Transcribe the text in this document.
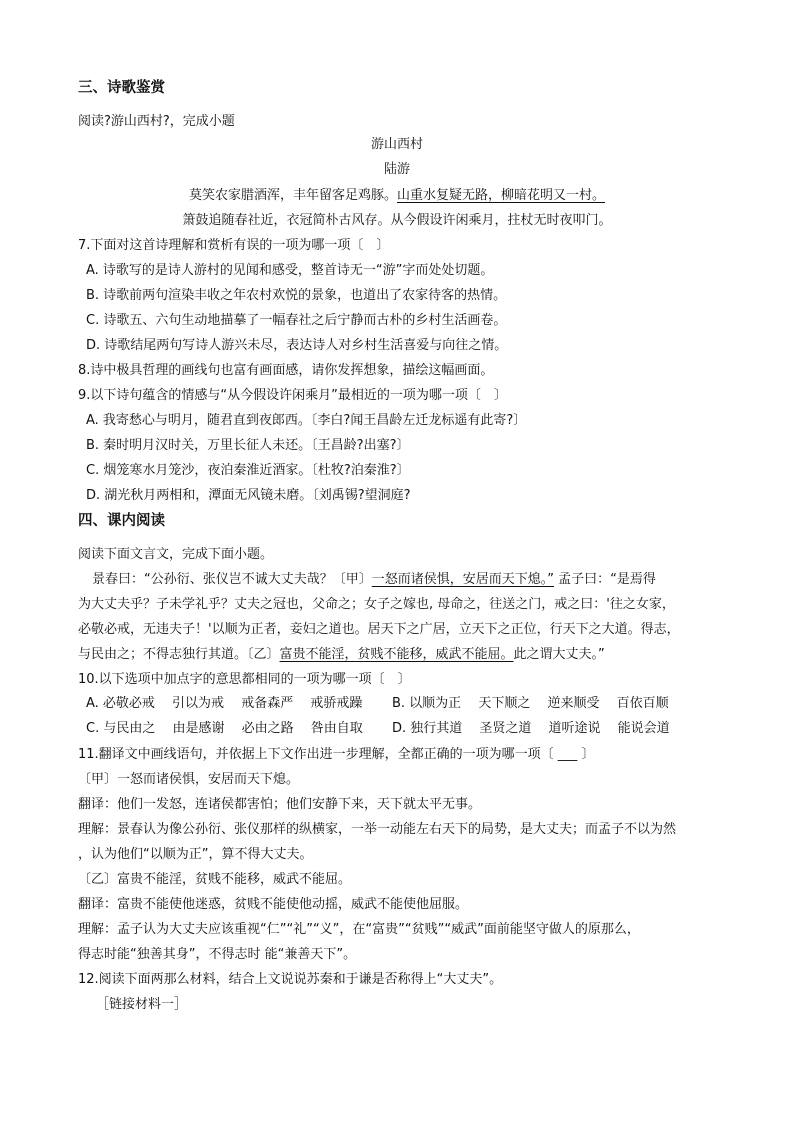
三、诗歌鉴赏
阅读?游山西村?，完成小题
游山西村
陆游
莫笑农家腊酒浑，丰年留客足鸡豚。山重水复疑无路，柳暗花明又一村。
箫鼓追随春社近，衣冠简朴古风存。从今假设许闲乘月，拄杖无时夜叩门。
7.下面对这首诗理解和赏析有误的一项为哪一项〔　〕
A. 诗歌写的是诗人游村的见闻和感受，整首诗无一“游”字而处处切题。
B. 诗歌前两句渲染丰收之年农村欢悦的景象，也道出了农家待客的热情。
C. 诗歌五、六句生动地描摹了一幅春社之后宁静而古朴的乡村生活画卷。
D. 诗歌结尾两句写诗人游兴未尽，表达诗人对乡村生活喜爱与向往之情。
8.诗中极具哲理的画线句也富有画面感，请你发挥想象，描绘这幅画面。
9.以下诗句蕴含的情感与“从今假设许闲乘月”最相近的一项为哪一项〔　〕
A. 我寄愁心与明月，随君直到夜郎西。〔李白?闻王昌龄左迁龙标遥有此寄?〕
B. 秦时明月汉时关，万里长征人未还。〔王昌龄?出塞?〕
C. 烟笼寒水月笼沙，夜泊秦淮近酒家。〔杜牧?泊秦淮?〕
D. 湖光秋月两相和，潭面无风镜未磨。〔刘禹锡?望洞庭?
四、课内阅读
阅读下面文言文，完成下面小题。
景春曰：“公孙衍、张仪岂不诚大丈夫哉？〔甲〕一怒而诸侯惧，安居而天下熄。” 孟子曰：“是焉得
为大丈夫乎？子未学礼乎？丈夫之冠也，父命之；女子之嫁也, 母命之，往送之门，戒之曰：'往之女家，
必敬必戒，无违夫子！'以顺为正者，妾妇之道也。居天下之广居，立天下之正位，行天下之大道。得志，
与民由之；不得志独行其道。〔乙〕富贵不能淫，贫贱不能移，威武不能屈。此之谓大丈夫。”
10.以下选项中加点字的意思都相同的一项为哪一项〔　〕
A. 必敬必戒　 引以为戒　 戒备森严　 戒骄戒躁 B. 以顺为正　 天下顺之　 逆来顺受　 百依百顺
C. 与民由之　 由是感谢　 必由之路　 咎由自取 D. 独行其道　 圣贤之道　 道听途说　 能说会道
11.翻译文中画线语句，并依据上下文作出进一步理解，全都正确的一项为哪一项〔 ___ 〕
〔甲〕一怒而诸侯惧，安居而天下熄。
翻译：他们一发怒，连诸侯都害怕；他们安静下来，天下就太平无事。
理解：景春认为像公孙衍、张仪那样的纵横家，一举一动能左右天下的局势，是大丈夫；而孟子不以为然
，认为他们“以顺为正”，算不得大丈夫。
〔乙〕富贵不能淫，贫贱不能移，威武不能屈。
翻译：富贵不能使他迷惑，贫贱不能使他动摇，威武不能使他屈服。
理解：孟子认为大丈夫应该重视“仁”“礼”“义”，在“富贵”“贫贱”“威武”面前能坚守做人的原那么，
得志时能“独善其身”，不得志时 能“兼善天下”。
12.阅读下面两那么材料，结合上文说说苏秦和于谦是否称得上“大丈夫”。
［链接材料一］
